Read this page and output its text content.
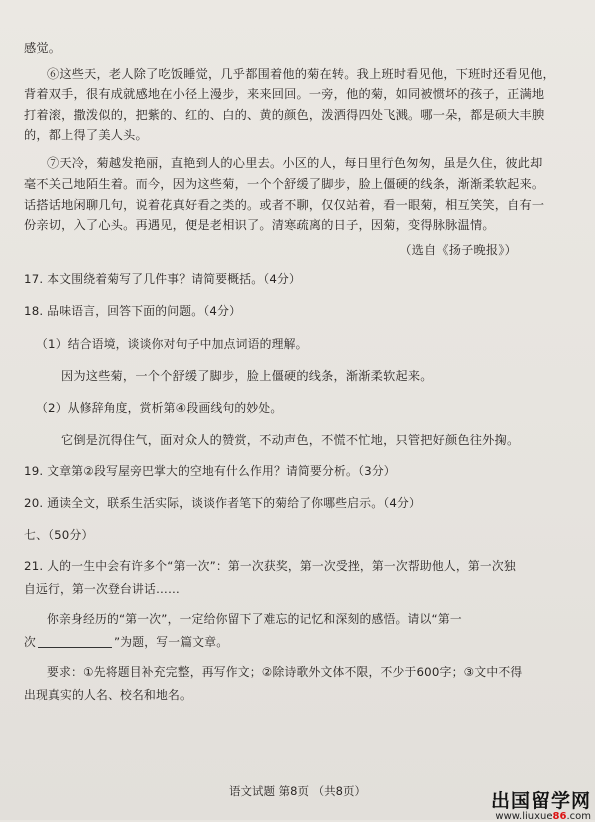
感觉。
⑥这些天，老人除了吃饭睡觉，几乎都围着他的菊在转。我上班时看见他，下班时还看见他，
背着双手，很有成就感地在小径上漫步，来来回回。一旁，他的菊，如同被惯坏的孩子，正满地
打着滚，撒泼似的，把紫的、红的、白的、黄的颜色，泼洒得四处飞溅。哪一朵，都是硕大丰腴
的，都上得了美人头。
⑦天冷，菊越发艳丽，直艳到人的心里去。小区的人，每日里行色匆匆，虽是久住，彼此却
毫不关己地陌生着。而今，因为这些菊，一个个舒缓了脚步，脸上僵硬的线条，渐渐柔软起来。
话搭话地闲聊几句，说着花真好看之类的。或者不聊，仅仅站着，看一眼菊，相互笑笑，自有一
份亲切，入了心头。再遇见，便是老相识了。清寒疏离的日子，因菊，变得脉脉温情。
（选自《扬子晚报》）
17. 本文围绕着菊写了几件事？请简要概括。（4分）
18. 品味语言，回答下面的问题。（4分）
（1）结合语境，谈谈你对句子中加点词语的理解。
因为这些菊，一个个舒缓了脚步，脸上僵硬的线条，渐渐柔软起来。
（2）从修辞角度，赏析第④段画线句的妙处。
它倒是沉得住气，面对众人的赞赏，不动声色，不慌不忙地，只管把好颜色往外掬。
19. 文章第②段写屋旁巴掌大的空地有什么作用？请简要分析。（3分）
20. 通读全文，联系生活实际，谈谈作者笔下的菊给了你哪些启示。（4分）
七、（50分）
21. 人的一生中会有许多个“第一次”：第一次获奖，第一次受挫，第一次帮助他人，第一次独
自远行，第一次登台讲话……
你亲身经历的“第一次”，一定给你留下了难忘的记忆和深刻的感悟。请以“第一
次	”为题，写一篇文章。
要求：①先将题目补充完整，再写作文；②除诗歌外文体不限，不少于600字；③文中不得
出现真实的人名、校名和地名。
语文试题 第8页 （共8页）	出国留学网
www.liuxue86.com
